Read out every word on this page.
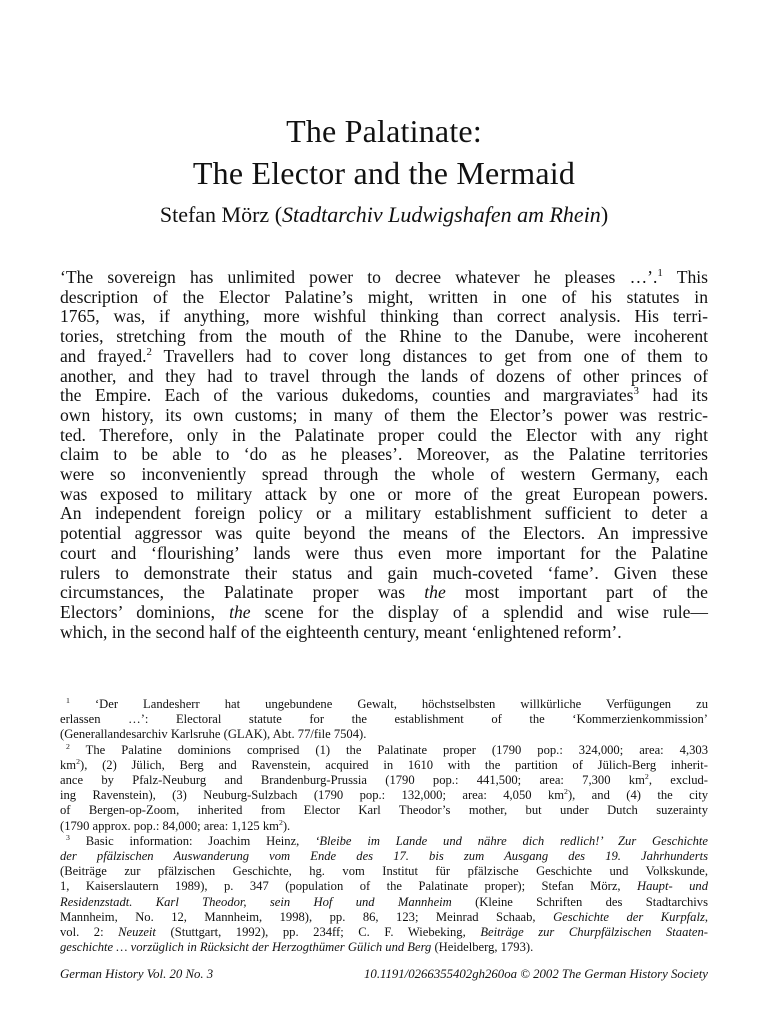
The Palatinate:
The Elector and the Mermaid
Stefan Mörz (Stadtarchiv Ludwigshafen am Rhein)
‘The sovereign has unlimited power to decree whatever he pleases …’.$^1$ This
description of the Elector Palatine’s might, written in one of his statutes in
1765, was, if anything, more wishful thinking than correct analysis. His terri-
tories, stretching from the mouth of the Rhine to the Danube, were incoherent
and frayed.$^2$ Travellers had to cover long distances to get from one of them to
another, and they had to travel through the lands of dozens of other princes of
the Empire. Each of the various dukedoms, counties and margraviates$^3$ had its
own history, its own customs; in many of them the Elector’s power was restric-
ted. Therefore, only in the Palatinate proper could the Elector with any right
claim to be able to ‘do as he pleases’. Moreover, as the Palatine territories
were so inconveniently spread through the whole of western Germany, each
was exposed to military attack by one or more of the great European powers.
An independent foreign policy or a military establishment sufficient to deter a
potential aggressor was quite beyond the means of the Electors. An impressive
court and ‘flourishing’ lands were thus even more important for the Palatine
rulers to demonstrate their status and gain much-coveted ‘fame’. Given these
circumstances, the Palatinate proper was the most important part of the
Electors’ dominions, the scene for the display of a splendid and wise rule—
which, in the second half of the eighteenth century, meant ‘enlightened reform’.
$^1$ ‘Der Landesherr hat ungebundene Gewalt, höchstselbsten willkürliche Verfügungen zu
erlassen …’: Electoral statute for the establishment of the ‘Kommerzienkommission’
(Generallandesarchiv Karlsruhe (GLAK), Abt. 77/file 7504).
$^2$ The Palatine dominions comprised (1) the Palatinate proper (1790 pop.: 324,000; area: 4,303
$km^2$), (2) Jülich, Berg and Ravenstein, acquired in 1610 with the partition of Jülich-Berg inherit-
ance by Pfalz-Neuburg and Brandenburg-Prussia (1790 pop.: 441,500; area: 7,300 $km^2$, exclud-
ing Ravenstein), (3) Neuburg-Sulzbach (1790 pop.: 132,000; area: 4,050 $km^2$), and (4) the city
of Bergen-op-Zoom, inherited from Elector Karl Theodor’s mother, but under Dutch suzerainty
(1790 approx. pop.: 84,000; area: 1,125 $km^2$).
$^3$ Basic information: Joachim Heinz, ‘Bleibe im Lande und nähre dich redlich!’ Zur Geschichte
der pfälzischen Auswanderung vom Ende des 17. bis zum Ausgang des 19. Jahrhunderts
(Beiträge zur pfälzischen Geschichte, hg. vom Institut für pfälzische Geschichte und Volkskunde,
1, Kaiserslautern 1989), p. 347 (population of the Palatinate proper); Stefan Mörz, Haupt- und
Residenzstadt. Karl Theodor, sein Hof und Mannheim (Kleine Schriften des Stadtarchivs
Mannheim, No. 12, Mannheim, 1998), pp. 86, 123; Meinrad Schaab, Geschichte der Kurpfalz,
vol. 2: Neuzeit (Stuttgart, 1992), pp. 234ff; C. F. Wiebeking, Beiträge zur Churpfälzischen Staaten-
geschichte … vorzüglich in Rücksicht der Herzogthümer Gülich und Berg (Heidelberg, 1793).
German History Vol. 20 No. 3	10.1191/0266355402gh260oa © 2002 The German History Society
